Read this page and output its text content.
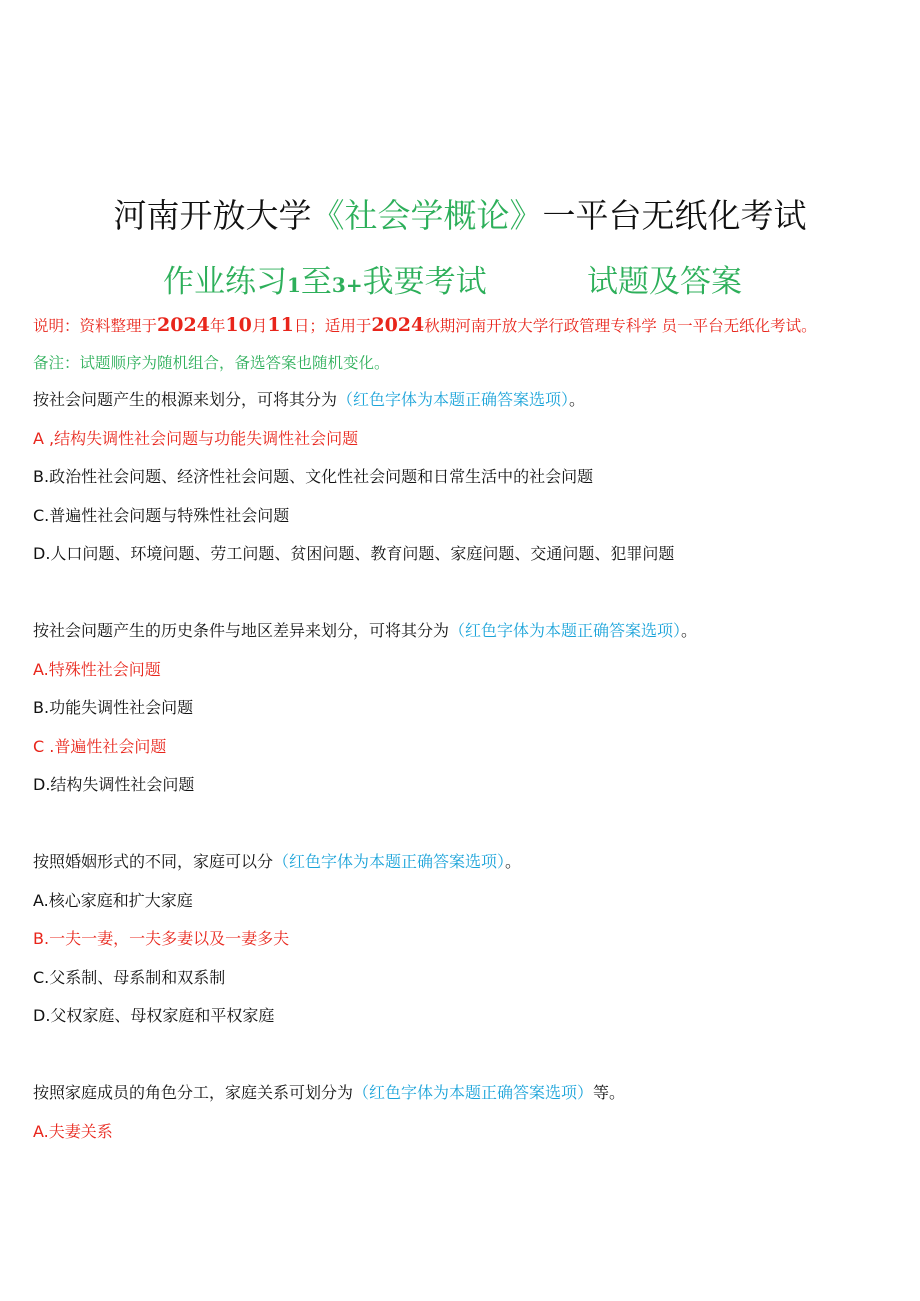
河南开放大学《社会学概论》一平台无纸化考试
作业练习1至3+我要考试	试题及答案
说明：资料整理于2024年10月11日；适用于2024秋期河南开放大学行政管理专科学 员一平台无纸化考试。
备注：试题顺序为随机组合，备选答案也随机变化。
按社会问题产生的根源来划分，可将其分为（红色字体为本题正确答案选项）。
A ,结构失调性社会问题与功能失调性社会问题
B.政治性社会问题、经济性社会问题、文化性社会问题和日常生活中的社会问题
C.普遍性社会问题与特殊性社会问题
D.人口问题、环境问题、劳工问题、贫困问题、教育问题、家庭问题、交通问题、犯罪问题
按社会问题产生的历史条件与地区差异来划分，可将其分为（红色字体为本题正确答案选项）。
A.特殊性社会问题
B.功能失调性社会问题
C .普遍性社会问题
D.结构失调性社会问题
按照婚姻形式的不同，家庭可以分（红色字体为本题正确答案选项）。
A.核心家庭和扩大家庭
B.一夫一妻，一夫多妻以及一妻多夫
C.父系制、母系制和双系制
D.父权家庭、母权家庭和平权家庭
按照家庭成员的角色分工，家庭关系可划分为（红色字体为本题正确答案选项）等。
A.夫妻关系
